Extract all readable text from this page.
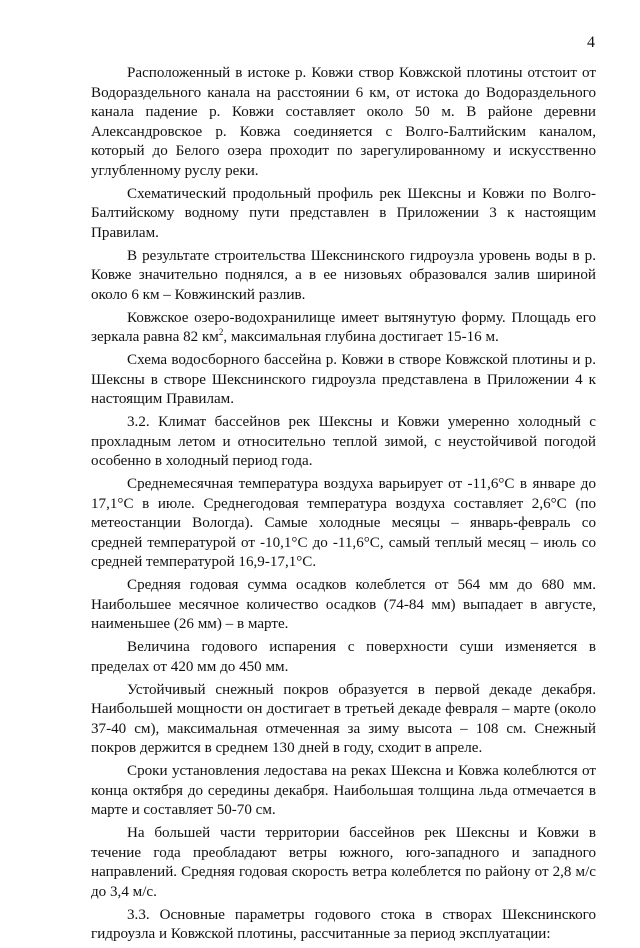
4

Расположенный в истоке р. Ковжи створ Ковжской плотины отстоит от Водораздельного канала на расстоянии 6 км, от истока до Водораздельного канала падение р. Ковжи составляет около 50 м. В районе деревни Александровское р. Ковжа соединяется с Волго-Балтийским каналом, который до Белого озера проходит по зарегулированному и искусственно углубленному руслу реки.

Схематический продольный профиль рек Шексны и Ковжи по Волго-Балтийскому водному пути представлен в Приложении 3 к настоящим Правилам.

В результате строительства Шекснинского гидроузла уровень воды в р. Ковже значительно поднялся, а в ее низовьях образовался залив шириной около 6 км – Ковжинский разлив.

Ковжское озеро-водохранилище имеет вытянутую форму. Площадь его зеркала равна 82 $км^2$, максимальная глубина достигает 15-16 м.

Схема водосборного бассейна р. Ковжи в створе Ковжской плотины и р. Шексны в створе Шекснинского гидроузла представлена в Приложении 4 к настоящим Правилам.

3.2. Климат бассейнов рек Шексны и Ковжи умеренно холодный с прохладным летом и относительно теплой зимой, с неустойчивой погодой особенно в холодный период года.

Среднемесячная температура воздуха варьирует от -11,6°С в январе до 17,1°С в июле. Среднегодовая температура воздуха составляет 2,6°С (по метеостанции Вологда). Самые холодные месяцы – январь-февраль со средней температурой от -10,1°С до -11,6°С, самый теплый месяц – июль со средней температурой 16,9-17,1°С.

Средняя годовая сумма осадков колеблется от 564 мм до 680 мм. Наибольшее месячное количество осадков (74-84 мм) выпадает в августе, наименьшее (26 мм) – в марте.

Величина годового испарения с поверхности суши изменяется в пределах от 420 мм до 450 мм.

Устойчивый снежный покров образуется в первой декаде декабря. Наибольшей мощности он достигает в третьей декаде февраля – марте (около 37-40 см), максимальная отмеченная за зиму высота – 108 см. Снежный покров держится в среднем 130 дней в году, сходит в апреле.

Сроки установления ледостава на реках Шексна и Ковжа колеблются от конца октября до середины декабря. Наибольшая толщина льда отмечается в марте и составляет 50-70 см.

На большей части территории бассейнов рек Шексны и Ковжи в течение года преобладают ветры южного, юго-западного и западного направлений. Средняя годовая скорость ветра колеблется по району от 2,8 м/с до 3,4 м/с.

3.3. Основные параметры годового стока в створах Шекснинского гидроузла и Ковжской плотины, рассчитанные за период эксплуатации:
